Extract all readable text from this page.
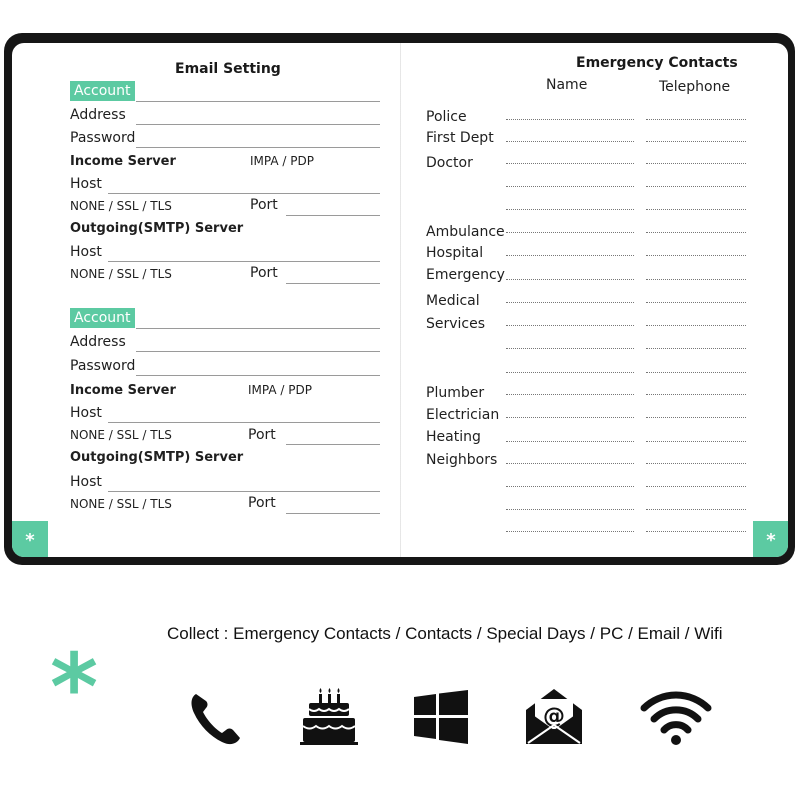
Email Setting
Account
Address
Password
Income Server	IMPA / PDP
Host
NONE / SSL / TLS	Port
Outgoing(SMTP) Server
Host
NONE / SSL / TLS	Port
Account
Address
Password
Income Server	IMPA / PDP
Host
NONE / SSL / TLS	Port
Outgoing(SMTP) Server
Host
NONE / SSL / TLS	Port
*
Emergency Contacts
Name	Telephone
Police
First Dept
Doctor
Ambulance
Hospital
Emergency
Medical
Services
Plumber
Electrician
Heating
Neighbors
*
Collect : Emergency Contacts / Contacts / Special Days / PC / Email / Wifi
*	@
